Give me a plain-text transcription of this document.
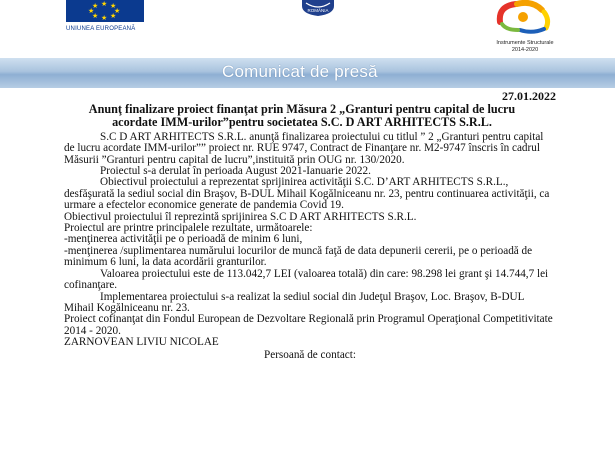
★ ★
★
★
★
★
★ ★
UNIUNEA EUROPEANĂ
ROMÂNIA
Instrumente Structurale
2014-2020
Comunicat de presă
27.01.2022
Anunţ finalizare proiect finanţat prin Măsura 2 „Granturi pentru capital de lucru acordate IMM-urilor”pentru societatea S.C. D ART ARHITECTS S.R.L.

S.C D ART ARHITECTS S.R.L. anunţă finalizarea proiectului cu titlul ” 2 „Granturi pentru capital de lucru acordate IMM-urilor”” proiect nr. RUE 9747, Contract de Finanţare nr. M2-9747 înscris în cadrul Măsurii ”Granturi pentru capital de lucru”,instituită prin OUG nr. 130/2020.

Proiectul s-a derulat în perioada August 2021-Ianuarie 2022.

Obiectivul proiectului a reprezentat sprijinirea activităţii S.C. D’ART ARHITECTS S.R.L., desfăşurată la sediul social din Braşov, B-DUL Mihail Kogălniceanu nr. 23, pentru continuarea activităţii, ca urmare a efectelor economice generate de pandemia Covid 19.

Obiectivul proiectului îl reprezintă sprijinirea S.C D ART ARHITECTS S.R.L.

Proiectul are printre principalele rezultate, următoarele:

-menţinerea activităţii pe o perioadă de minim 6 luni,

-menţinerea /suplimentarea numărului locurilor de muncă faţă de data depunerii cererii, pe o perioadă de minimum 6 luni, la data acordării granturilor.

Valoarea proiectului este de 113.042,7 LEI (valoarea totală) din care: 98.298 lei grant şi 14.744,7 lei cofinanţare.

Implementarea proiectului s-a realizat la sediul social din Judeţul Braşov, Loc. Braşov, B-DUL Mihail Kogălniceanu nr. 23.

Proiect cofinanţat din Fondul European de Dezvoltare Regională prin Programul Operaţional Competitivitate 2014 - 2020.

ZARNOVEAN LIVIU NICOLAE

Persoană de contact:
